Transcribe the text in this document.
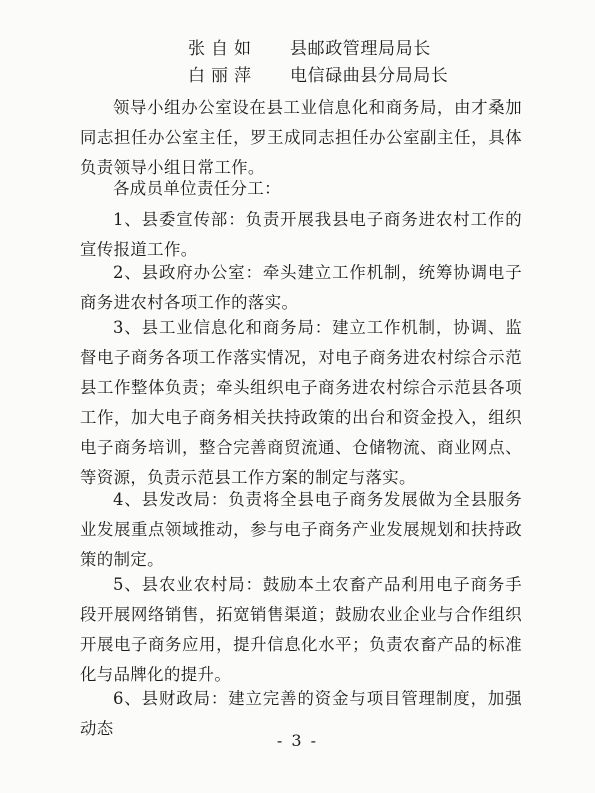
张自如 县邮政管理局局长
白丽萍 电信碌曲县分局局长

领导小组办公室设在县工业信息化和商务局，由才桑加同志担任办公室主任，罗王成同志担任办公室副主任，具体负责领导小组日常工作。

各成员单位责任分工：

1、县委宣传部：负责开展我县电子商务进农村工作的宣传报道工作。

2、县政府办公室：牵头建立工作机制，统筹协调电子商务进农村各项工作的落实。

3、县工业信息化和商务局：建立工作机制，协调、监督电子商务各项工作落实情况，对电子商务进农村综合示范县工作整体负责；牵头组织电子商务进农村综合示范县各项工作，加大电子商务相关扶持政策的出台和资金投入，组织电子商务培训，整合完善商贸流通、仓储物流、商业网点、等资源，负责示范县工作方案的制定与落实。

4、县发改局：负责将全县电子商务发展做为全县服务业发展重点领域推动，参与电子商务产业发展规划和扶持政策的制定。

5、县农业农村局：鼓励本土农畜产品利用电子商务手段开展网络销售，拓宽销售渠道；鼓励农业企业与合作组织开展电子商务应用，提升信息化水平；负责农畜产品的标准化与品牌化的提升。

6、县财政局：建立完善的资金与项目管理制度，加强动态

- 3 -
